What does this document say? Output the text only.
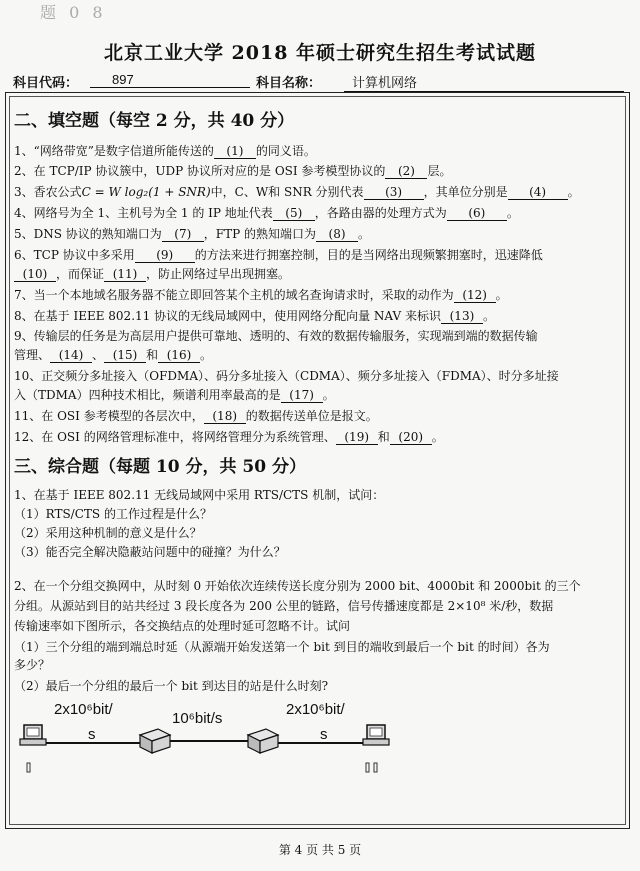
题 0 8
北京工业大学 2018 年硕士研究生招生考试试题
科目代码：	897	科目名称：	计算机网络
二、填空题（每空 2 分，共 40 分）
1、“网络带宽”是数字信道所能传送的 (1) 的同义语。
2、在 TCP/IP 协议簇中，UDP 协议所对应的是 OSI 参考模型协议的 (2) 层。
3、香农公式C = W log₂(1 + SNR)中，C、W和 SNR 分别代表 (3) ，其单位分别是 (4) 。
4、网络号为全 1、主机号为全 1 的 IP 地址代表 (5) ，各路由器的处理方式为 (6) 。
5、DNS 协议的熟知端口为 (7) ，FTP 的熟知端口为 (8) 。
6、TCP 协议中多采用 (9) 的方法来进行拥塞控制，目的是当网络出现频繁拥塞时，迅速降低
(10) ，而保证 (11) ，防止网络过早出现拥塞。
7、当一个本地域名服务器不能立即回答某个主机的域名查询请求时，采取的动作为 (12) 。
8、在基于 IEEE 802.11 协议的无线局域网中，使用网络分配向量 NAV 来标识 (13) 。
9、传输层的任务是为高层用户提供可靠地、透明的、有效的数据传输服务，实现端到端的数据传输
管理、 (14) 、 (15) 和 (16) 。
10、正交频分多址接入（OFDMA）、码分多址接入（CDMA）、频分多址接入（FDMA）、时分多址接
入（TDMA）四种技术相比，频谱利用率最高的是 (17) 。
11、在 OSI 参考模型的各层次中， (18) 的数据传送单位是报文。
12、在 OSI 的网络管理标准中，将网络管理分为系统管理、 (19) 和 (20) 。
三、综合题（每题 10 分，共 50 分）
1、在基于 IEEE 802.11 无线局域网中采用 RTS/CTS 机制，试问：
（1）RTS/CTS 的工作过程是什么？
（2）采用这种机制的意义是什么？
（3）能否完全解决隐蔽站问题中的碰撞？为什么？
2、在一个分组交换网中，从时刻 0 开始依次连续传送长度分别为 2000 bit、4000bit 和 2000bit 的三个
分组。从源站到目的站共经过 3 段长度各为 200 公里的链路，信号传播速度都是 2×10⁸ 米/秒，数据
传输速率如下图所示，各交换结点的处理时延可忽略不计。试问
（1）三个分组的端到端总时延（从源端开始发送第一个 bit 到目的端收到最后一个 bit 的时间）各为
多少？
（2）最后一个分组的最后一个 bit 到达目的站是什么时刻?
2x10⁶bit/
s
10⁶bit/s
2x10⁶bit/
s
第 4 页 共 5 页
